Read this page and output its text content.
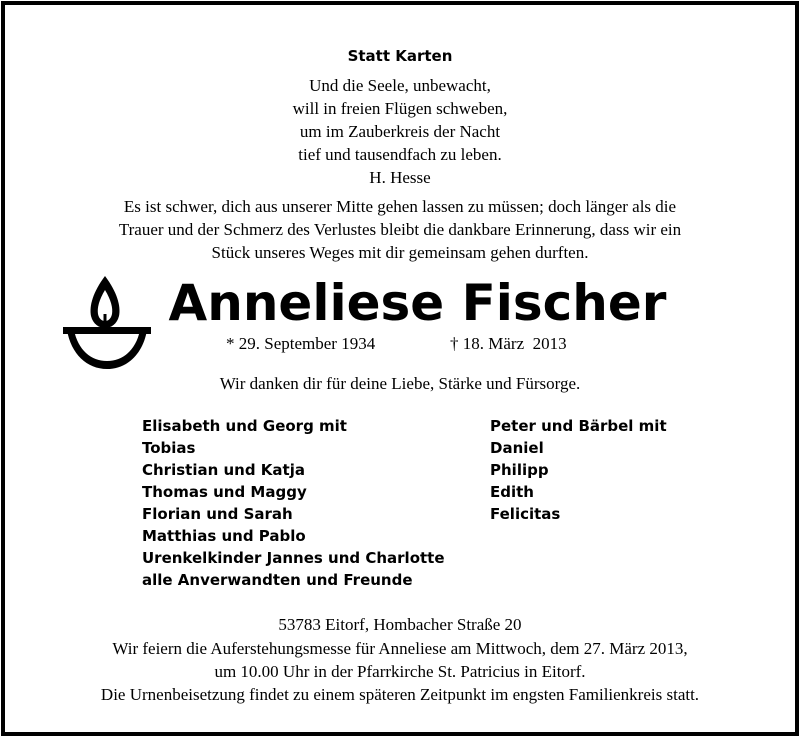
Statt Karten
Und die Seele, unbewacht,
will in freien Flügen schweben,
um im Zauberkreis der Nacht
tief und tausendfach zu leben.
H. Hesse
Es ist schwer, dich aus unserer Mitte gehen lassen zu müssen; doch länger als die
Trauer und der Schmerz des Verlustes bleibt die dankbare Erinnerung, dass wir ein
Stück unseres Weges mit dir gemeinsam gehen durften.
Anneliese Fischer
* 29. September 1934	† 18. März  2013
Wir danken dir für deine Liebe, Stärke und Fürsorge.
Elisabeth und Georg mit
Tobias
Christian und Katja
Thomas und Maggy
Florian und Sarah
Matthias und Pablo
Urenkelkinder Jannes und Charlotte
alle Anverwandten und Freunde
Peter und Bärbel mit
Daniel
Philipp
Edith
Felicitas
53783 Eitorf, Hombacher Straße 20
Wir feiern die Auferstehungsmesse für Anneliese am Mittwoch, dem 27. März 2013,
um 10.00 Uhr in der Pfarrkirche St. Patricius in Eitorf.
Die Urnenbeisetzung findet zu einem späteren Zeitpunkt im engsten Familienkreis statt.
